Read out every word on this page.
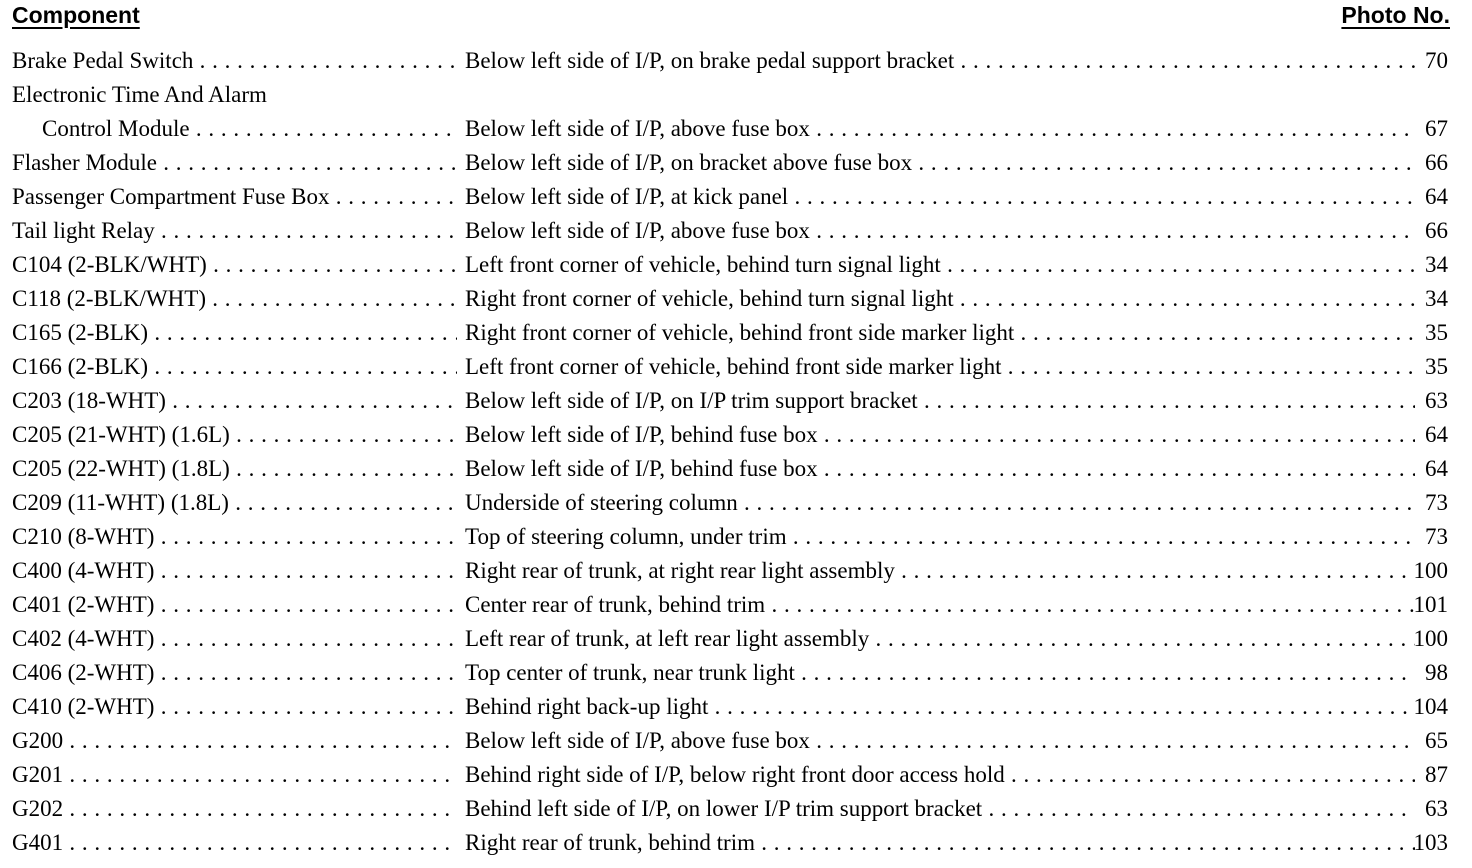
Component	Photo No.
Brake Pedal Switch . . .	Below left side of I/P, on brake pedal support bracket . . .	70
Electronic Time And Alarm
Control Module . . .	Below left side of I/P, above fuse box . . .	67
Flasher Module . . .	Below left side of I/P, on bracket above fuse box . . .	66
Passenger Compartment Fuse Box . . .	Below left side of I/P, at kick panel . . .	64
Tail light Relay . . .	Below left side of I/P, above fuse box . . .	66
C104 (2-BLK/WHT) . . .	Left front corner of vehicle, behind turn signal light . . .	34
C118 (2-BLK/WHT) . . .	Right front corner of vehicle, behind turn signal light . . .	34
C165 (2-BLK) . . .	Right front corner of vehicle, behind front side marker light . . .	35
C166 (2-BLK) . . .	Left front corner of vehicle, behind front side marker light . . .	35
C203 (18-WHT) . . .	Below left side of I/P, on I/P trim support bracket . . .	63
C205 (21-WHT) (1.6L) . . .	Below left side of I/P, behind fuse box . . .	64
C205 (22-WHT) (1.8L) . . .	Below left side of I/P, behind fuse box . . .	64
C209 (11-WHT) (1.8L) . . .	Underside of steering column . . .	73
C210 (8-WHT) . . .	Top of steering column, under trim . . .	73
C400 (4-WHT) . . .	Right rear of trunk, at right rear light assembly . . .	100
C401 (2-WHT) . . .	Center rear of trunk, behind trim . . .	101
C402 (4-WHT) . . .	Left rear of trunk, at left rear light assembly . . .	100
C406 (2-WHT) . . .	Top center of trunk, near trunk light . . .	98
C410 (2-WHT) . . .	Behind right back-up light . . .	104
G200 . . .	Below left side of I/P, above fuse box . . .	65
G201 . . .	Behind right side of I/P, below right front door access hold . . .	87
G202 . . .	Behind left side of I/P, on lower I/P trim support bracket . . .	63
G401 . . .	Right rear of trunk, behind trim . . .	103
